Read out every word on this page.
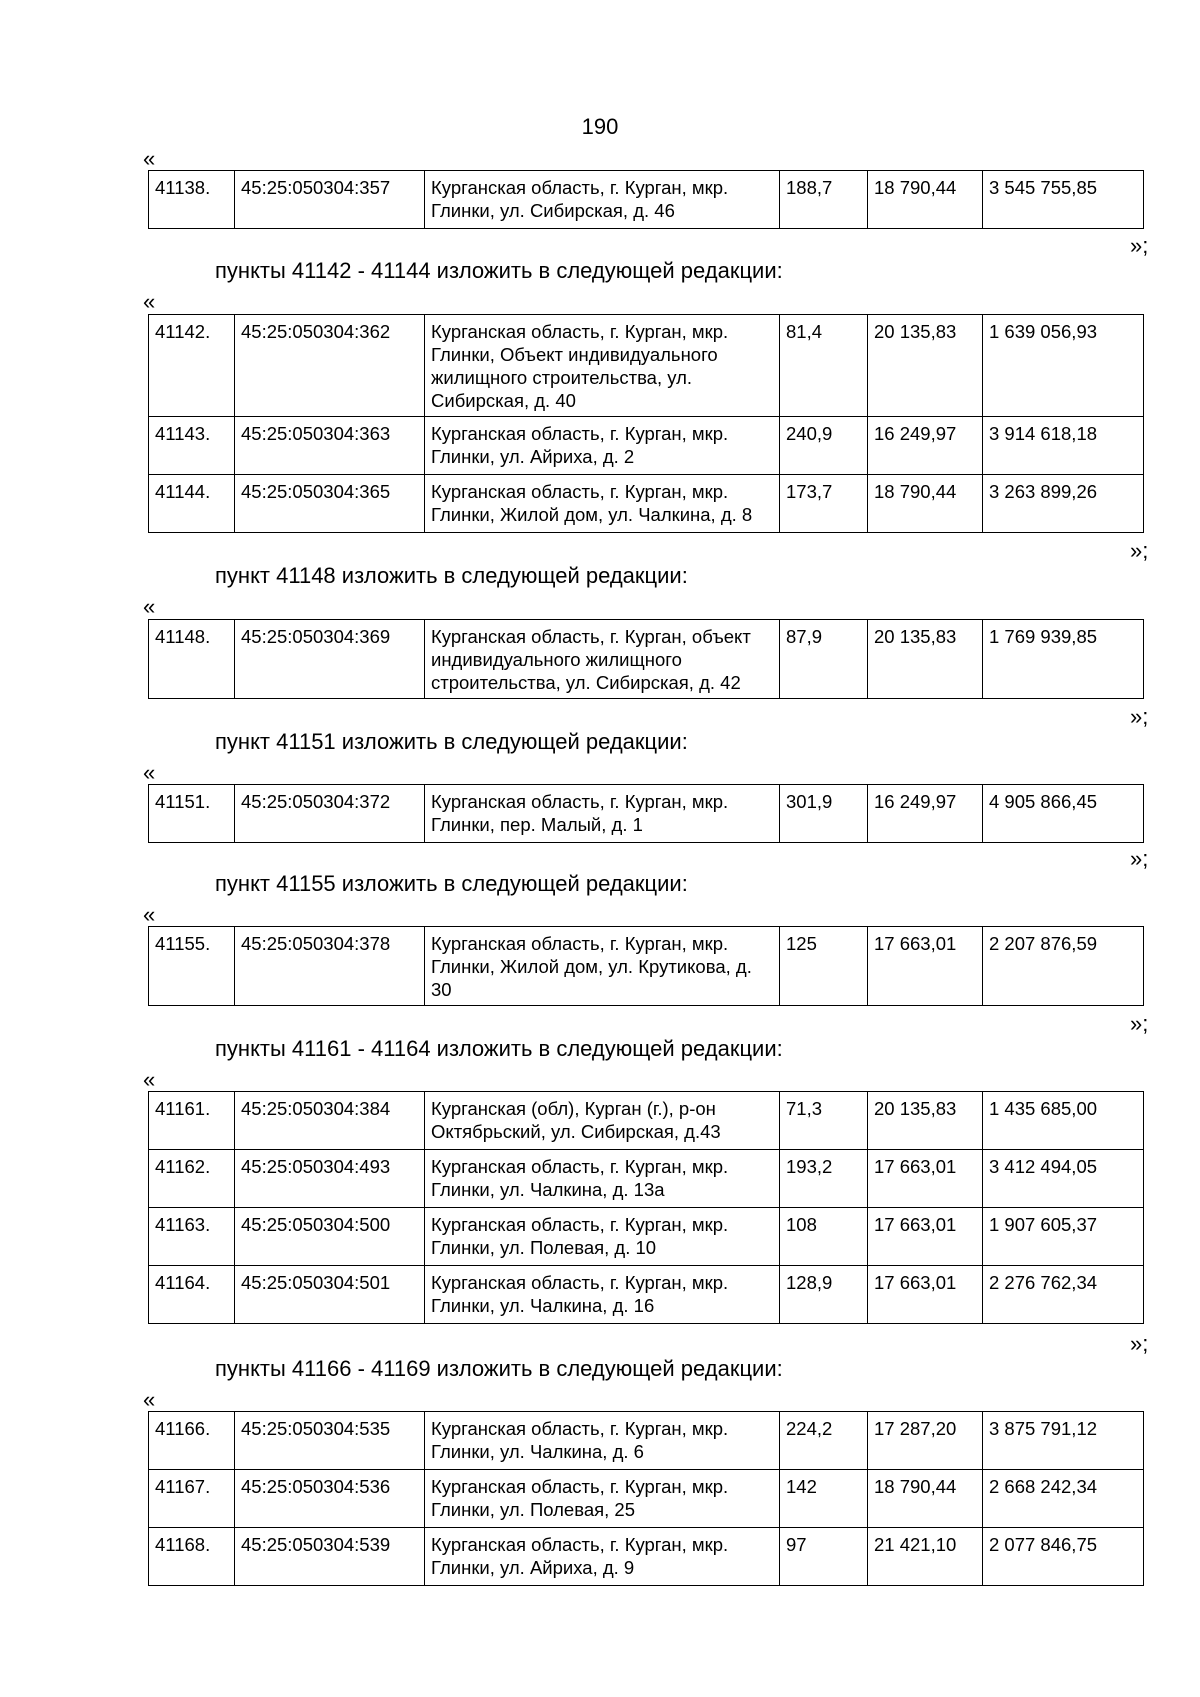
190
«
41138.	45:25:050304:357	Курганская область, г. Курган, мкр. Глинки, ул. Сибирская, д. 46	188,7	18 790,44	3 545 755,85
»;
пункты 41142 - 41144 изложить в следующей редакции:
«
41142.	45:25:050304:362	Курганская область, г. Курган, мкр. Глинки, Объект индивидуального жилищного строительства, ул. Сибирская, д. 40	81,4	20 135,83	1 639 056,93
41143.	45:25:050304:363	Курганская область, г. Курган, мкр. Глинки, ул. Айриха, д. 2	240,9	16 249,97	3 914 618,18
41144.	45:25:050304:365	Курганская область, г. Курган, мкр. Глинки, Жилой дом, ул. Чалкина, д. 8	173,7	18 790,44	3 263 899,26
»;
пункт 41148 изложить в следующей редакции:
«
41148.	45:25:050304:369	Курганская область, г. Курган, объект индивидуального жилищного строительства, ул. Сибирская, д. 42	87,9	20 135,83	1 769 939,85
»;
пункт 41151 изложить в следующей редакции:
«
41151.	45:25:050304:372	Курганская область, г. Курган, мкр. Глинки, пер. Малый, д. 1	301,9	16 249,97	4 905 866,45
»;
пункт 41155 изложить в следующей редакции:
«
41155.	45:25:050304:378	Курганская область, г. Курган, мкр. Глинки, Жилой дом, ул. Крутикова, д. 30	125	17 663,01	2 207 876,59
»;
пункты 41161 - 41164 изложить в следующей редакции:
«
41161.	45:25:050304:384	Курганская (обл), Курган (г.), р-он Октябрьский, ул. Сибирская, д.43	71,3	20 135,83	1 435 685,00
41162.	45:25:050304:493	Курганская область, г. Курган, мкр. Глинки, ул. Чалкина, д. 13а	193,2	17 663,01	3 412 494,05
41163.	45:25:050304:500	Курганская область, г. Курган, мкр. Глинки, ул. Полевая, д. 10	108	17 663,01	1 907 605,37
41164.	45:25:050304:501	Курганская область, г. Курган, мкр. Глинки, ул. Чалкина, д. 16	128,9	17 663,01	2 276 762,34
»;
пункты 41166 - 41169 изложить в следующей редакции:
«
41166.	45:25:050304:535	Курганская область, г. Курган, мкр. Глинки, ул. Чалкина, д. 6	224,2	17 287,20	3 875 791,12
41167.	45:25:050304:536	Курганская область, г. Курган, мкр. Глинки, ул. Полевая, 25	142	18 790,44	2 668 242,34
41168.	45:25:050304:539	Курганская область, г. Курган, мкр. Глинки, ул. Айриха, д. 9	97	21 421,10	2 077 846,75
